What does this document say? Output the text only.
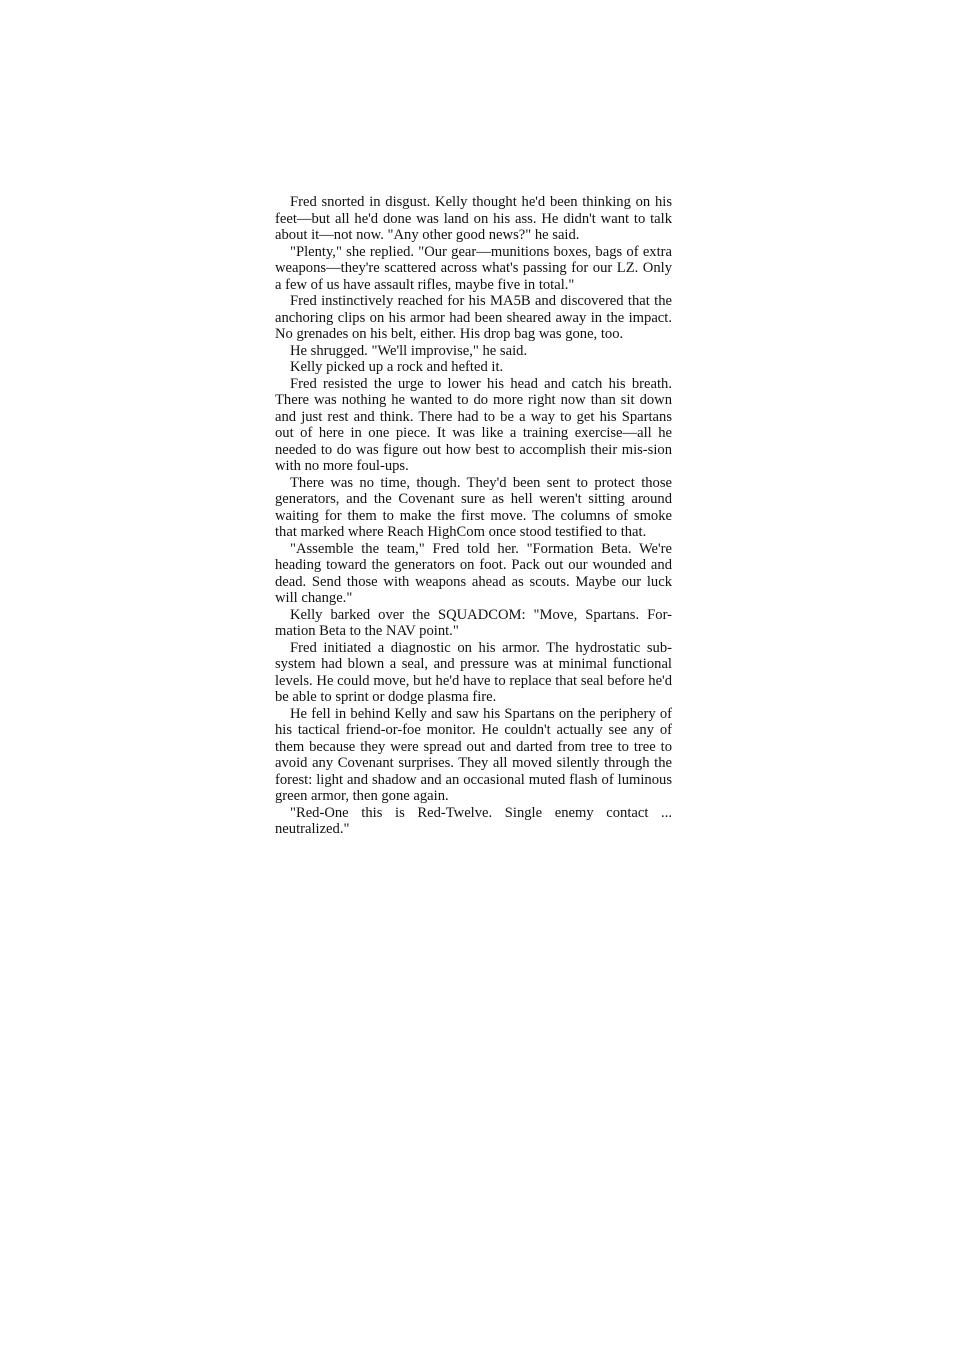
Fred snorted in disgust. Kelly thought he'd been thinking on his feet—but all he'd done was land on his ass. He didn't want to talk about it—not now. "Any other good news?" he said.

"Plenty," she replied. "Our gear—munitions boxes, bags of extra weapons—they're scattered across what's passing for our LZ. Only a few of us have assault rifles, maybe five in total."

Fred instinctively reached for his MA5B and discovered that the anchoring clips on his armor had been sheared away in the impact. No grenades on his belt, either. His drop bag was gone, too.

He shrugged. "We'll improvise," he said.

Kelly picked up a rock and hefted it.

Fred resisted the urge to lower his head and catch his breath. There was nothing he wanted to do more right now than sit down and just rest and think. There had to be a way to get his Spartans out of here in one piece. It was like a training exercise—all he needed to do was figure out how best to accomplish their mis-sion with no more foul-ups.

There was no time, though. They'd been sent to protect those generators, and the Covenant sure as hell weren't sitting around waiting for them to make the first move. The columns of smoke that marked where Reach HighCom once stood testified to that.

"Assemble the team," Fred told her. "Formation Beta. We're heading toward the generators on foot. Pack out our wounded and dead. Send those with weapons ahead as scouts. Maybe our luck will change."

Kelly barked over the SQUADCOM: "Move, Spartans. For-mation Beta to the NAV point."

Fred initiated a diagnostic on his armor. The hydrostatic sub-system had blown a seal, and pressure was at minimal functional levels. He could move, but he'd have to replace that seal before he'd be able to sprint or dodge plasma fire.

He fell in behind Kelly and saw his Spartans on the periphery of his tactical friend-or-foe monitor. He couldn't actually see any of them because they were spread out and darted from tree to tree to avoid any Covenant surprises. They all moved silently through the forest: light and shadow and an occasional muted flash of luminous green armor, then gone again.

"Red-One this is Red-Twelve. Single enemy contact ... neutralized."
